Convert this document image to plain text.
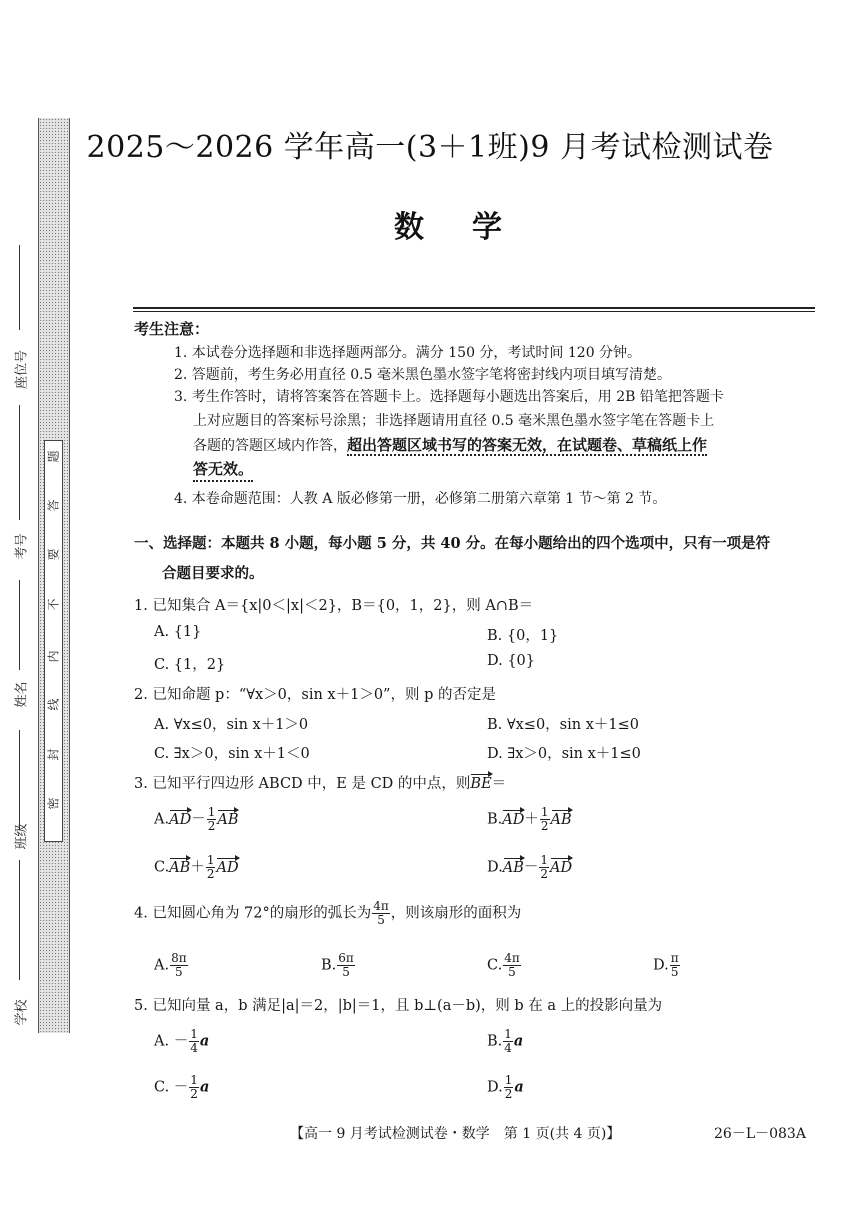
题
答
要
不
内
线
封
密
座位号
考号
姓名
班级
学校
2025～2026 学年高一(3＋1班)9 月考试检测试卷
数学
考生注意：
1. 本试卷分选择题和非选择题两部分。满分 150 分，考试时间 120 分钟。
2. 答题前，考生务必用直径 0.5 毫米黑色墨水签字笔将密封线内项目填写清楚。
3. 考生作答时，请将答案答在答题卡上。选择题每小题选出答案后，用 2B 铅笔把答题卡
上对应题目的答案标号涂黑；非选择题请用直径 0.5 毫米黑色墨水签字笔在答题卡上
各题的答题区域内作答，超出答题区域书写的答案无效，在试题卷、草稿纸上作
答无效。
4. 本卷命题范围：人教 A 版必修第一册，必修第二册第六章第 1 节～第 2 节。
一、选择题：本题共 8 小题，每小题 5 分，共 40 分。在每小题给出的四个选项中，只有一项是符
合题目要求的。
1. 已知集合 A＝{x|0＜|x|＜2}，B＝{0，1，2}，则 A∩B＝
A. {1}	B. {0，1}
C. {1，2}	D. {0}
2. 已知命题 p：“∀x＞0，sin x＋1＞0”，则 p 的否定是
A. ∀x≤0，sin x＋1＞0	B. ∀x≤0，sin x＋1≤0
C. ∃x＞0，sin x＋1＜0	D. ∃x＞0，sin x＋1≤0
3. 已知平行四边形 ABCD 中，E 是 CD 的中点，则BE＝
$A.AD- \frac{1}{2}$ AB	$B.AD+ \frac{1}{2}$ AB
$C.AB+ \frac{1}{2}$ AD	$D.AB- \frac{1}{2}$ AD
4. 已知圆心角为 72°的扇形的弧长为 $\frac{4\pi}{5}$ ，则该扇形的面积为
A. $\frac{8\pi}{5}$	B. $\frac{6\pi}{5}$	C. $\frac{4\pi}{5}$	D. $\frac{\pi}{5}$
5. 已知向量 a，b 满足|a|＝2，|b|＝1，且 b⊥(a－b)，则 b 在 a 上的投影向量为
A. － $\frac{1}{4}$ a	B. $\frac{1}{4}$ a
C. － $\frac{1}{2}$ a	D. $\frac{1}{2}$ a
【高一 9 月考试检测试卷・数学　第 1 页(共 4 页)】	26－L－083A
